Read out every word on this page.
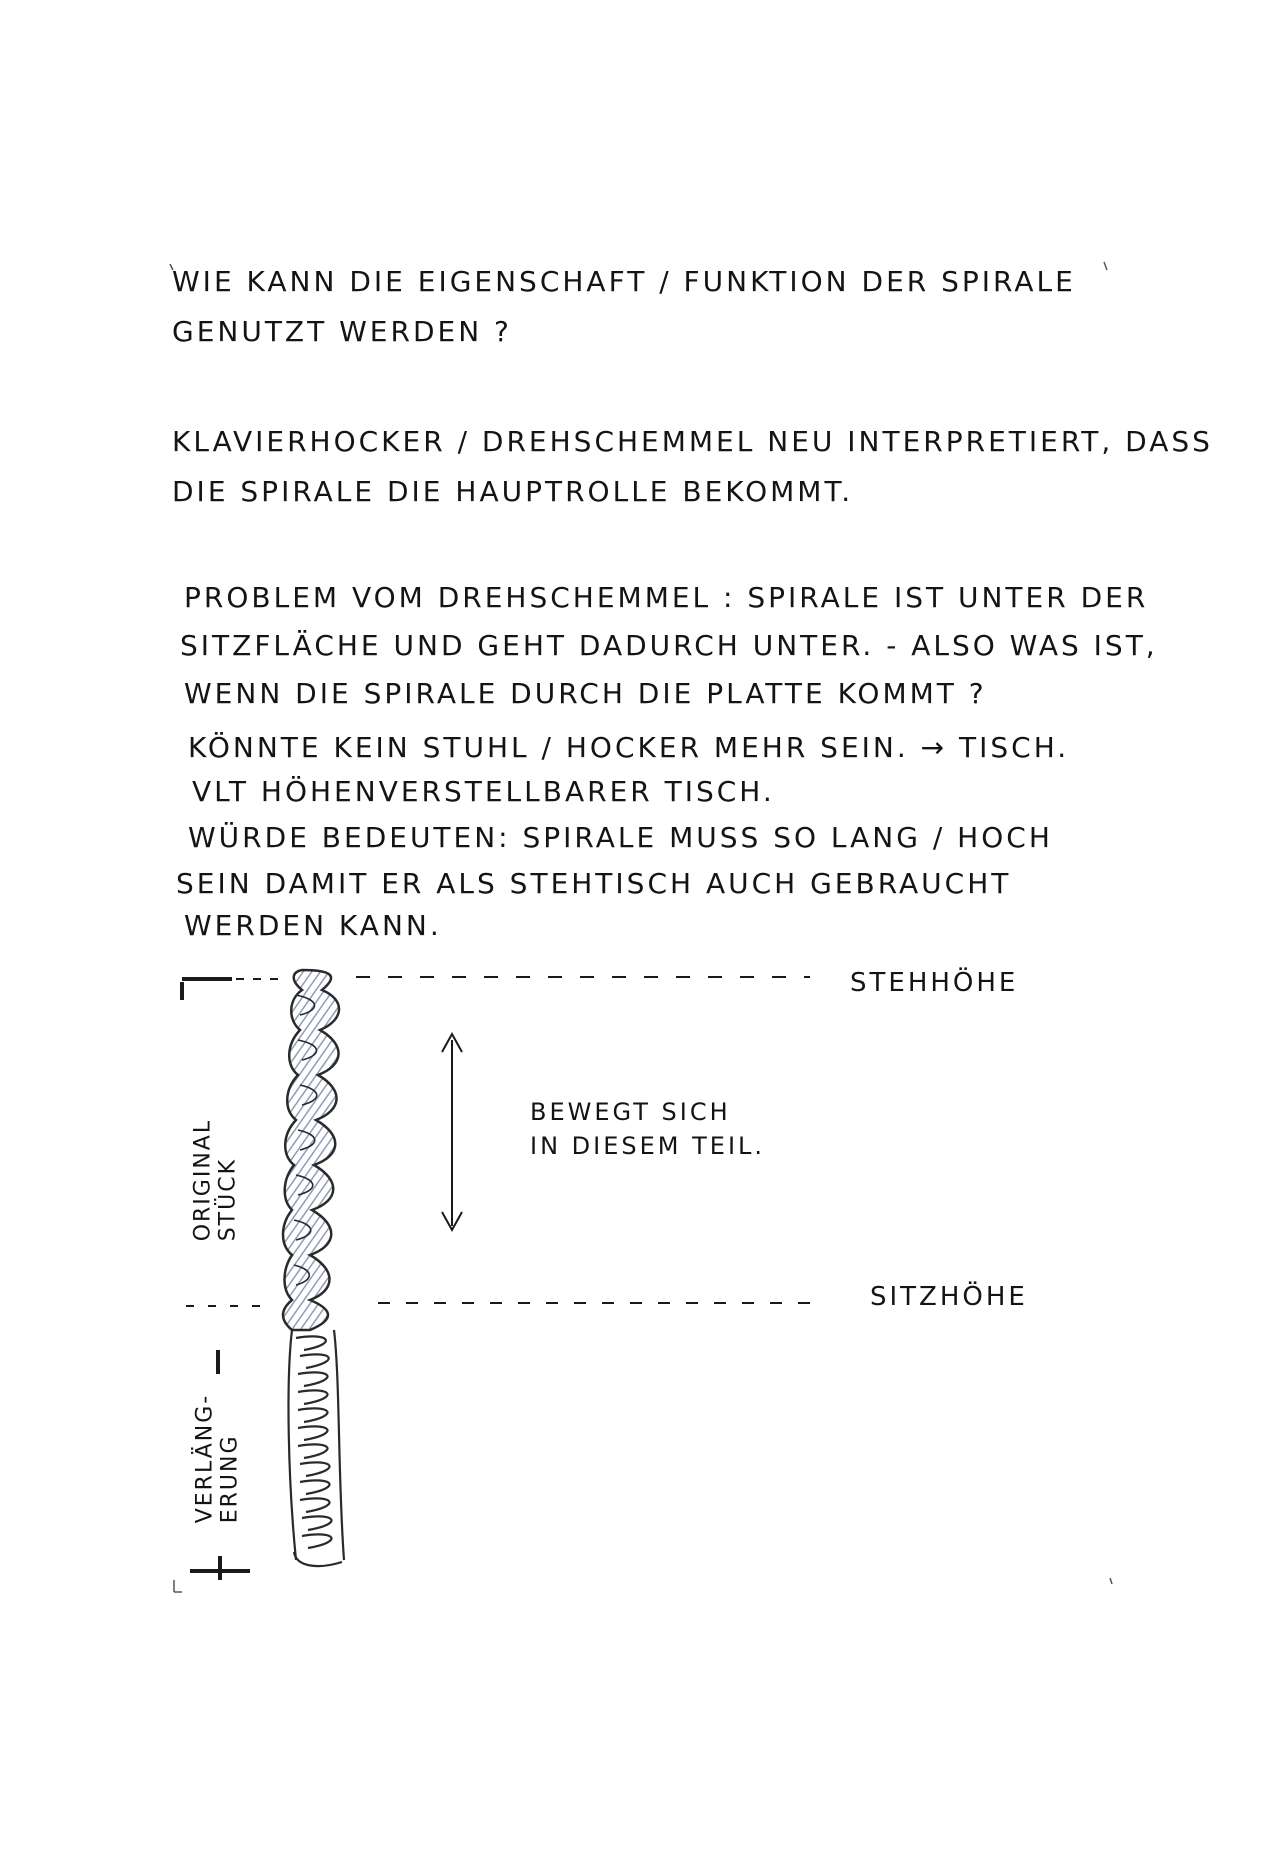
WIE KANN DIE EIGENSCHAFT / FUNKTION DER SPIRALE

GENUTZT WERDEN ?

KLAVIERHOCKER / DREHSCHEMMEL NEU INTERPRETIERT, DASS

DIE SPIRALE DIE HAUPTROLLE BEKOMMT.

PROBLEM VOM DREHSCHEMMEL : SPIRALE IST UNTER DER

SITZFLÄCHE UND GEHT DADURCH UNTER. - ALSO WAS IST,

WENN DIE SPIRALE DURCH DIE PLATTE KOMMT ?

KÖNNTE KEIN STUHL / HOCKER MEHR SEIN. → TISCH.

VLT HÖHENVERSTELLBARER TISCH.

WÜRDE BEDEUTEN: SPIRALE MUSS SO LANG / HOCH

SEIN DAMIT ER ALS STEHTISCH AUCH GEBRAUCHT

WERDEN KANN.

STEHHÖHE

SITZHÖHE

BEWEGT SICH

IN DIESEM TEIL.

ORIGINAL
STÜCK
VERLÄNG-
ERUNG
